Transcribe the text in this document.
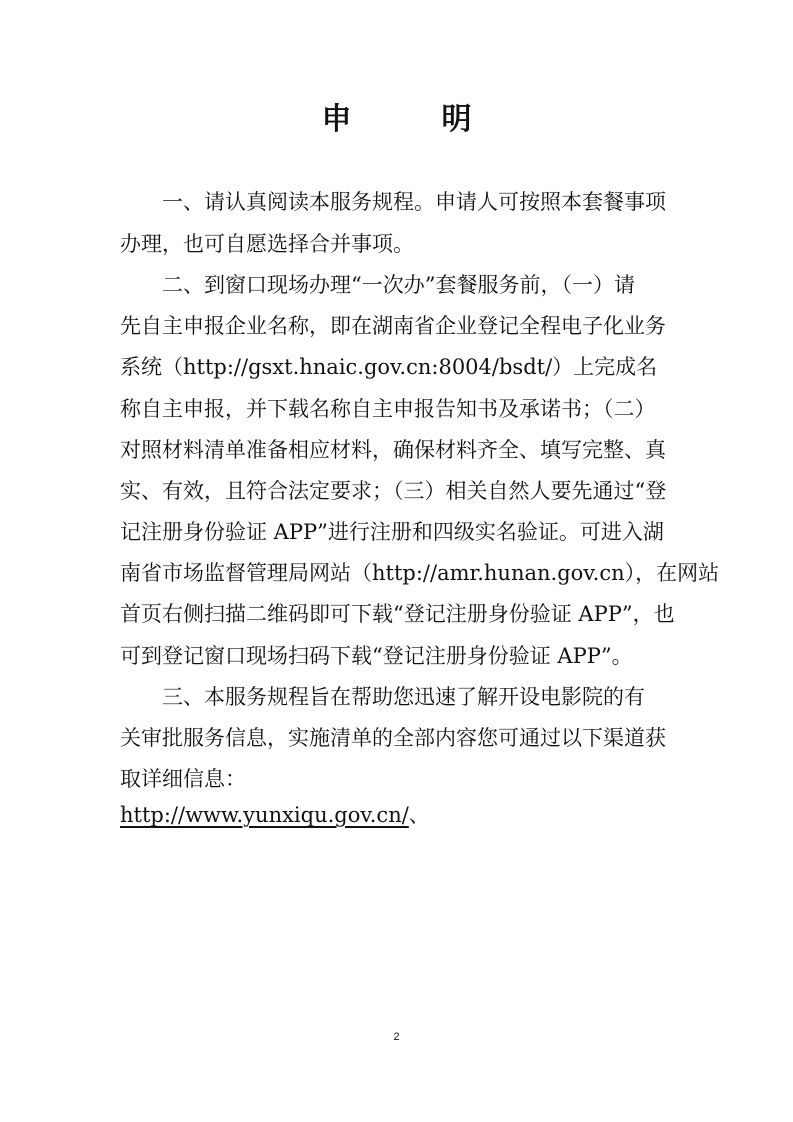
申　明
一、请认真阅读本服务规程。申请人可按照本套餐事项
办理，也可自愿选择合并事项。
二、到窗口现场办理“一次办”套餐服务前，（一）请
先自主申报企业名称，即在湖南省企业登记全程电子化业务
系统（http://gsxt.hnaic.gov.cn:8004/bsdt/）上完成名
称自主申报，并下载名称自主申报告知书及承诺书；（二）
对照材料清单准备相应材料，确保材料齐全、填写完整、真
实、有效，且符合法定要求；（三）相关自然人要先通过“登
记注册身份验证 APP”进行注册和四级实名验证。可进入湖
南省市场监督管理局网站（http://amr.hunan.gov.cn），在网站
首页右侧扫描二维码即可下载“登记注册身份验证 APP”，也
可到登记窗口现场扫码下载“登记注册身份验证 APP”。
三、本服务规程旨在帮助您迅速了解开设电影院的有
关审批服务信息，实施清单的全部内容您可通过以下渠道获
取详细信息：
http://www.yunxiqu.gov.cn/、
2
